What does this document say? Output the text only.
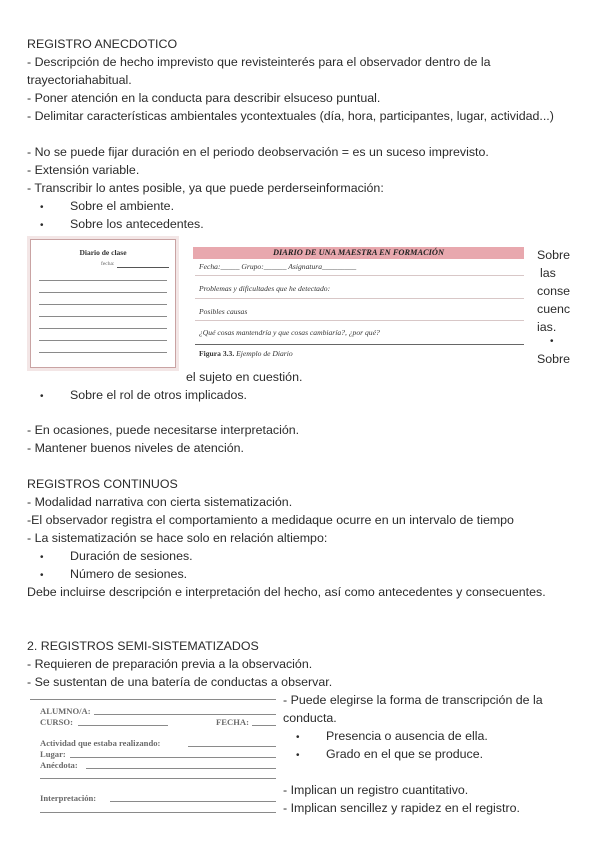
REGISTRO ANECDOTICO
- Descripción de hecho imprevisto que revisteinterés para el observador dentro de la trayectoriahabitual.
- Poner atención en la conducta para describir elsuceso puntual.
- Delimitar características ambientales ycontextuales (día, hora, participantes, lugar, actividad...)
- No se puede fijar duración en el periodo deobservación = es un suceso imprevisto.
- Extensión variable.
- Transcribir lo antes posible, ya que puede perderseinformación:
• Sobre el ambiente.
• Sobre los antecedentes.
Diario de clase
fecha:
DIARIO DE UNA MAESTRA EN FORMACIÓN
Fecha:_____ Grupo:______ Asignatura_________
Problemas y dificultades que he detectado:
Posibles causas
¿Qué cosas mantendría y que cosas cambiaría?, ¿por qué?
Figura 3.3. Ejemplo de Diario
Sobre
las
conse
cuenc
ias.
•
Sobre
el sujeto en cuestión.
• Sobre el rol de otros implicados.
- En ocasiones, puede necesitarse interpretación.
- Mantener buenos niveles de atención.
REGISTROS CONTINUOS
- Modalidad narrativa con cierta sistematización.
-El observador registra el comportamiento a medidaque ocurre en un intervalo de tiempo
- La sistematización se hace solo en relación altiempo:
• Duración de sesiones.
• Número de sesiones.
Debe incluirse descripción e interpretación del hecho, así como antecedentes y consecuentes.
2. REGISTROS SEMI-SISTEMATIZADOS
- Requieren de preparación previa a la observación.
- Se sustentan de una batería de conductas a observar.
ALUMNO/A:
CURSO:	FECHA:
Actividad que estaba realizando:
Lugar:
Anécdota:
Interpretación:
- Puede elegirse la forma de transcripción de la
conducta.
• Presencia o ausencia de ella.
• Grado en el que se produce.
- Implican un registro cuantitativo.
- Implican sencillez y rapidez en el registro.
